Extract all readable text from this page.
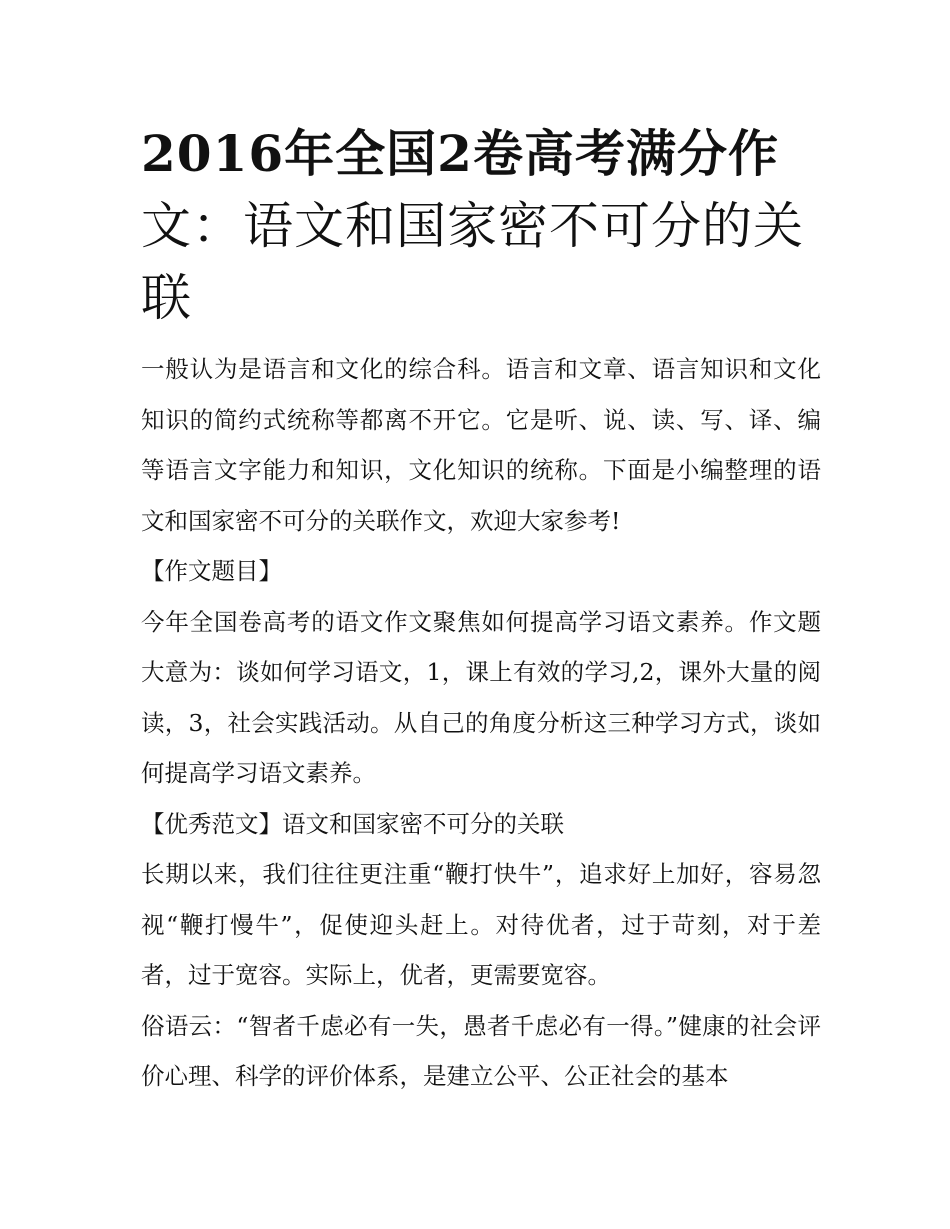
2016年全国2卷高考满分作文：语文和国家密不可分的关联

一般认为是语言和文化的综合科。语言和文章、语言知识和文化知识的简约式统称等都离不开它。它是听、说、读、写、译、编等语言文字能力和知识，文化知识的统称。下面是小编整理的语文和国家密不可分的关联作文，欢迎大家参考!

【作文题目】

今年全国卷高考的语文作文聚焦如何提高学习语文素养。作文题大意为：谈如何学习语文，1，课上有效的学习,2，课外大量的阅读，3，社会实践活动。从自己的角度分析这三种学习方式，谈如何提高学习语文素养。

【优秀范文】语文和国家密不可分的关联

长期以来，我们往往更注重“鞭打快牛”，追求好上加好，容易忽视“鞭打慢牛”，促使迎头赶上。对待优者，过于苛刻，对于差者，过于宽容。实际上，优者，更需要宽容。

俗语云：“智者千虑必有一失，愚者千虑必有一得。”健康的社会评价心理、科学的评价体系，是建立公平、公正社会的基本
